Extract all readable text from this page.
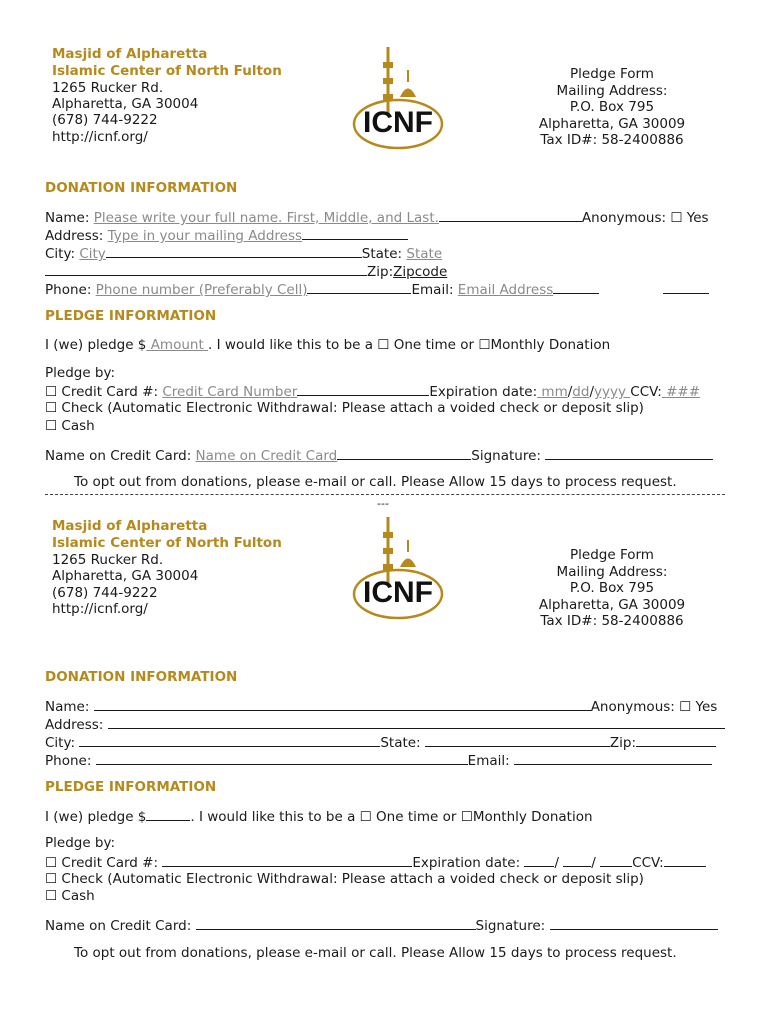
Masjid of Alpharetta
Islamic Center of North Fulton
1265 Rucker Rd.
Alpharetta, GA 30004
(678) 744-9222
http://icnf.org/	ICNF
Pledge Form
Mailing Address:
P.O. Box 795
Alpharetta, GA 30009
Tax ID#: 58-2400886
DONATION INFORMATION
Name: Please write your full name. First, Middle, and Last.	Anonymous: ☐ Yes
Address: Type in your mailing Address
City: City	State: State
Zip:Zipcode
Phone: Phone number (Preferably Cell)	Email: Email Address
PLEDGE INFORMATION
I (we) pledge $ Amount . I would like this to be a ☐ One time or ☐Monthly Donation
Pledge by:
☐ Credit Card #: Credit Card Number	Expiration date: mm/dd/yyyy CCV: ###
☐ Check (Automatic Electronic Withdrawal: Please attach a voided check or deposit slip)
☐ Cash
Name on Credit Card: Name on Credit Card	Signature:
To opt out from donations, please e-mail or call. Please Allow 15 days to process request.
---
Masjid of Alpharetta
Islamic Center of North Fulton
1265 Rucker Rd.
Alpharetta, GA 30004
(678) 744-9222
http://icnf.org/	ICNF
Pledge Form
Mailing Address:
P.O. Box 795
Alpharetta, GA 30009
Tax ID#: 58-2400886
DONATION INFORMATION
Name:	Anonymous: ☐ Yes
Address:
City:	State:	Zip:
Phone:	Email:
PLEDGE INFORMATION
I (we) pledge $	. I would like this to be a ☐ One time or ☐Monthly Donation
Pledge by:
☐ Credit Card #:	Expiration date:	/ /	CCV:
☐ Check (Automatic Electronic Withdrawal: Please attach a voided check or deposit slip)
☐ Cash
Name on Credit Card:	Signature:
To opt out from donations, please e-mail or call. Please Allow 15 days to process request.
